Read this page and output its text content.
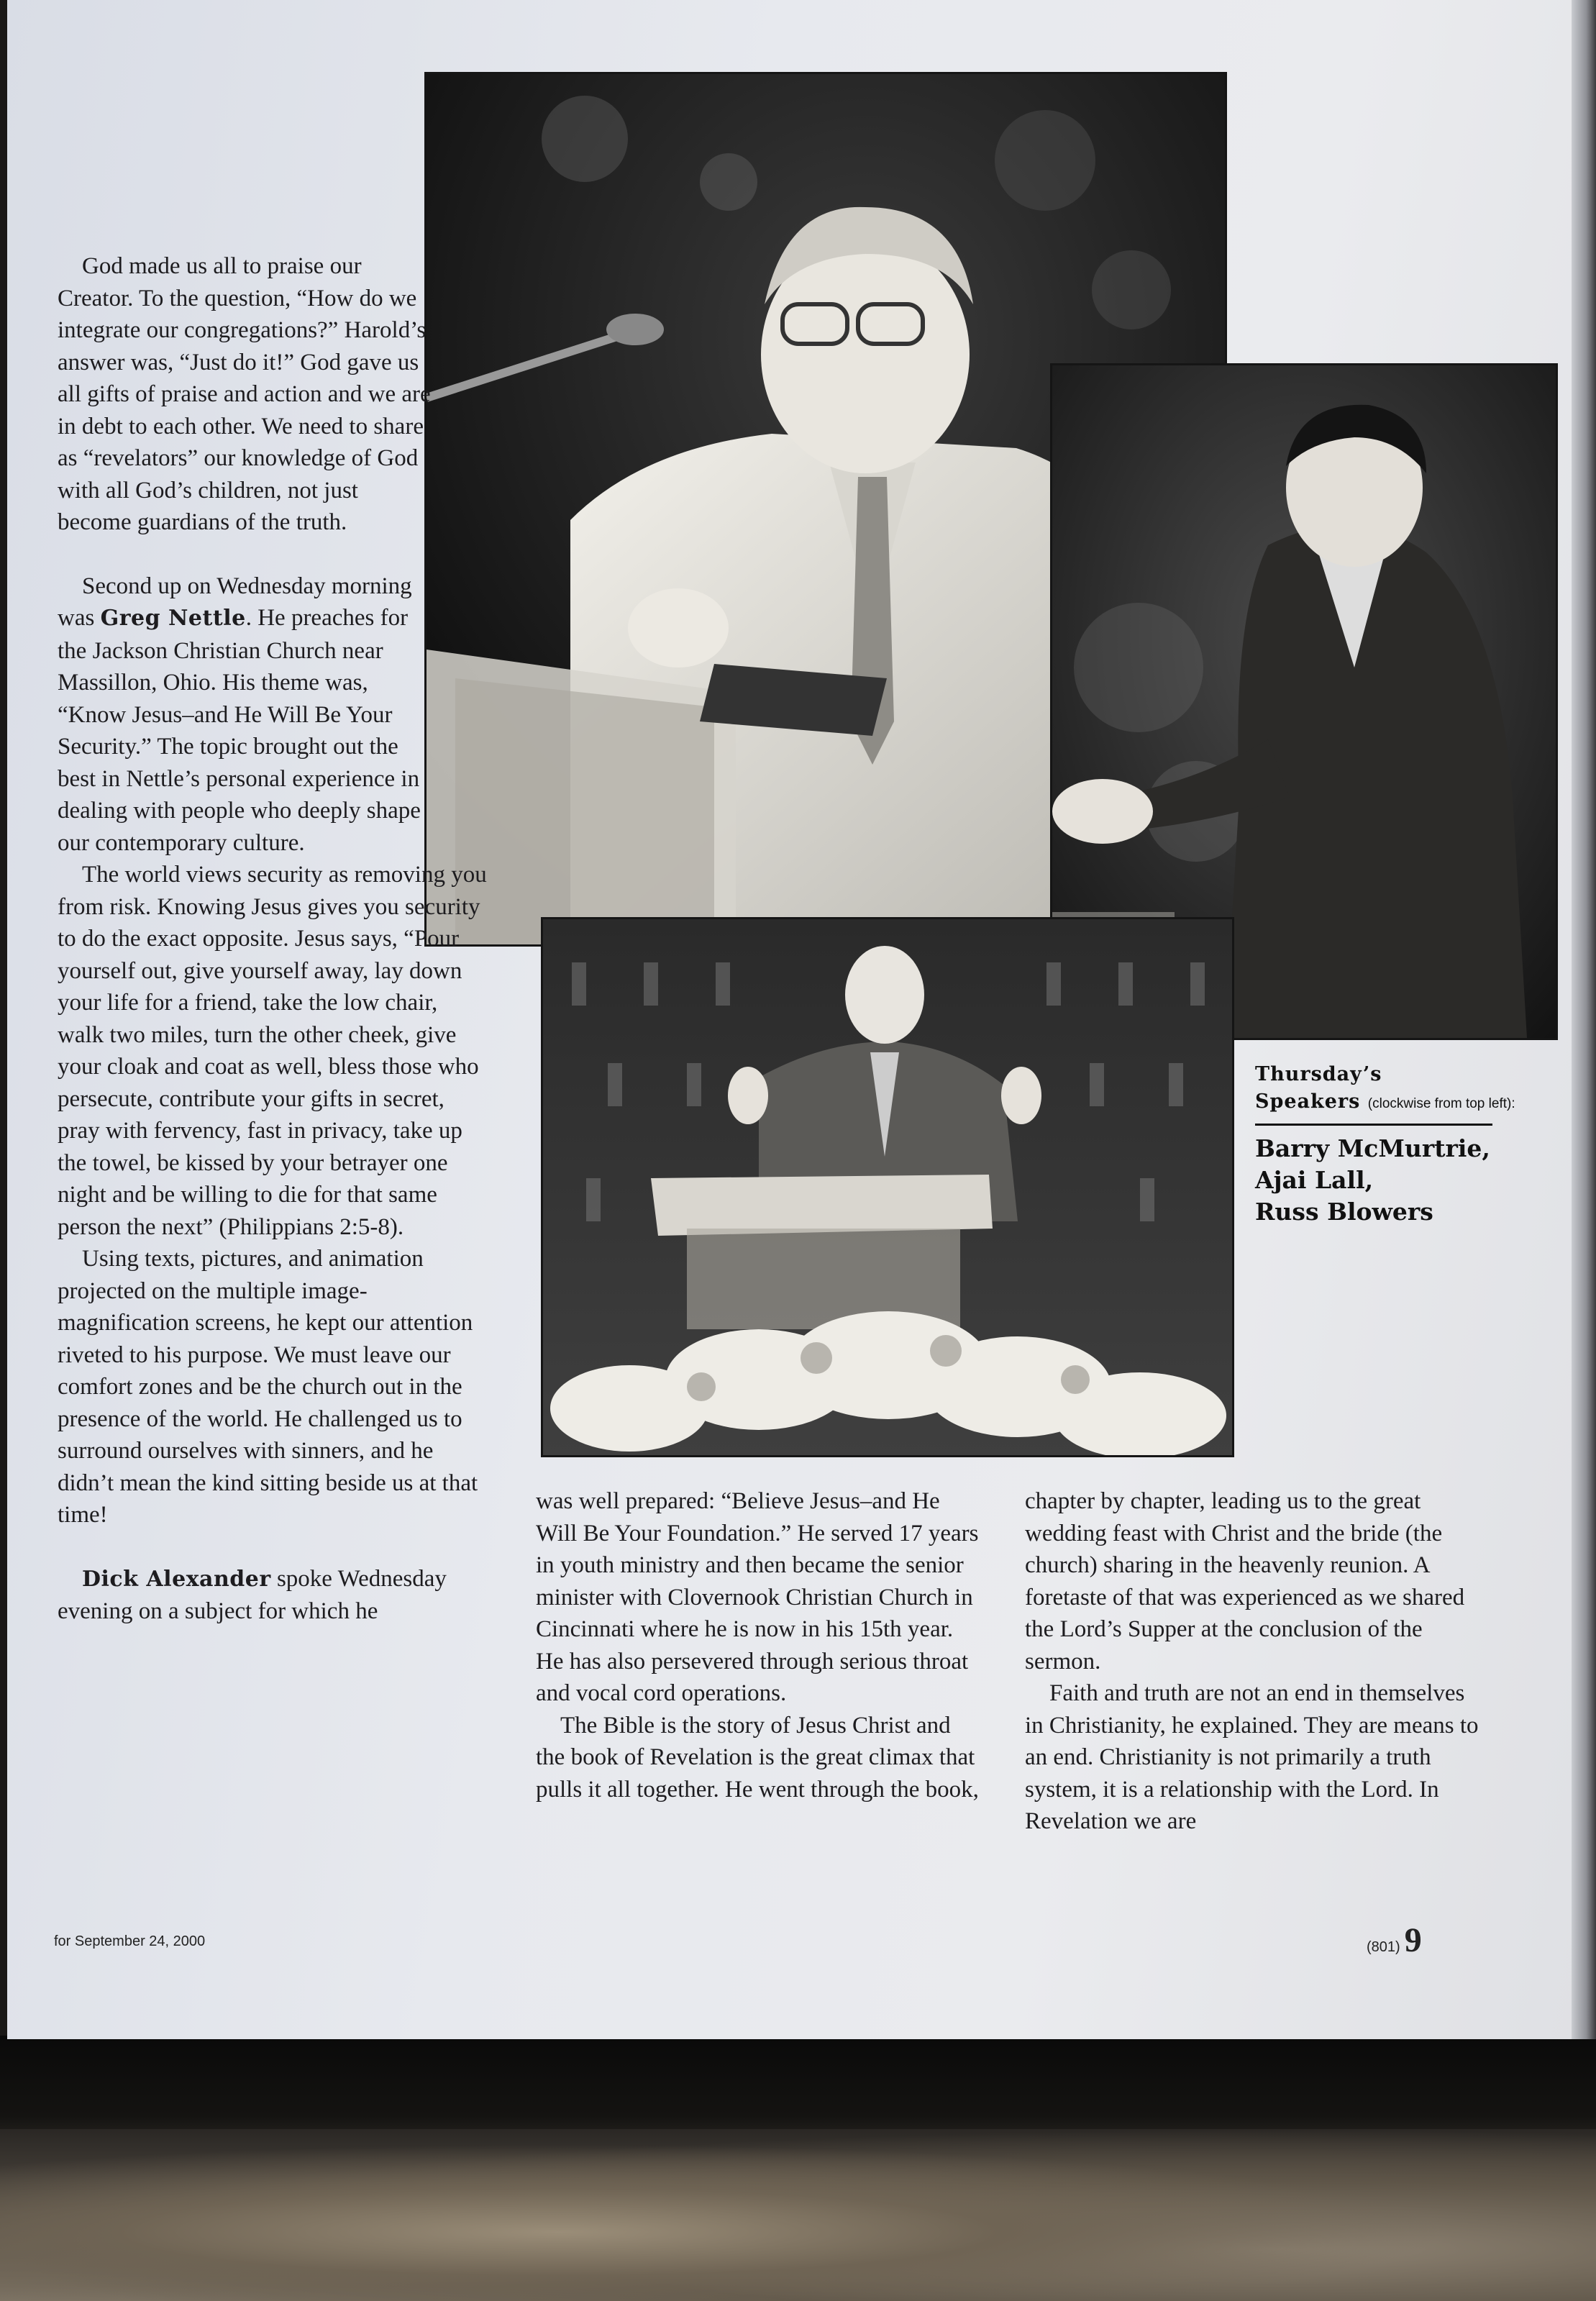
God made us all to praise our Creator. To the question, “How do we integrate our congregations?” Harold’s answer was, “Just do it!” God gave us all gifts of praise and action and we are in debt to each other. We need to share as “revelators” our knowledge of God with all God’s children, not just become guardians of the truth.

Second up on Wednesday morning was Greg Nettle. He preaches for the Jackson Christian Church near Massillon, Ohio. His theme was, “Know Jesus–and He Will Be Your Security.” The topic brought out the best in Nettle’s personal experience in dealing with people who deeply shape our contemporary culture.

The world views security as removing you from risk. Knowing Jesus gives you security to do the exact opposite. Jesus says, “Pour yourself out, give yourself away, lay down your life for a friend, take the low chair, walk two miles, turn the other cheek, give your cloak and coat as well, bless those who persecute, contribute your gifts in secret, pray with fervency, fast in privacy, take up the towel, be kissed by your betrayer one night and be willing to die for that same person the next” (Philippians 2:5-8).

Using texts, pictures, and animation projected on the multiple image-magnification screens, he kept our attention riveted to his purpose. We must leave our comfort zones and be the church out in the presence of the world. He challenged us to surround ourselves with sinners, and he didn’t mean the kind sitting beside us at that time!

Dick Alexander spoke Wednesday evening on a subject for which he

was well prepared: “Believe Jesus–and He Will Be Your Foundation.” He served 17 years in youth ministry and then became the senior minister with Clovernook Christian Church in Cincinnati where he is now in his 15th year. He has also persevered through serious throat and vocal cord operations.

The Bible is the story of Jesus Christ and the book of Revelation is the great climax that pulls it all together. He went through the book,

chapter by chapter, leading us to the great wedding feast with Christ and the bride (the church) sharing in the heavenly reunion. A foretaste of that was experienced as we shared the Lord’s Supper at the conclusion of the sermon.

Faith and truth are not an end in themselves in Christianity, he explained. They are means to an end. Christianity is not primarily a truth system, it is a relationship with the Lord. In Revelation we are

Thursday’s
Speakers (clockwise from top left):
Barry McMurtrie,
Ajai Lall,
Russ Blowers
for September 24, 2000	(801) 9
